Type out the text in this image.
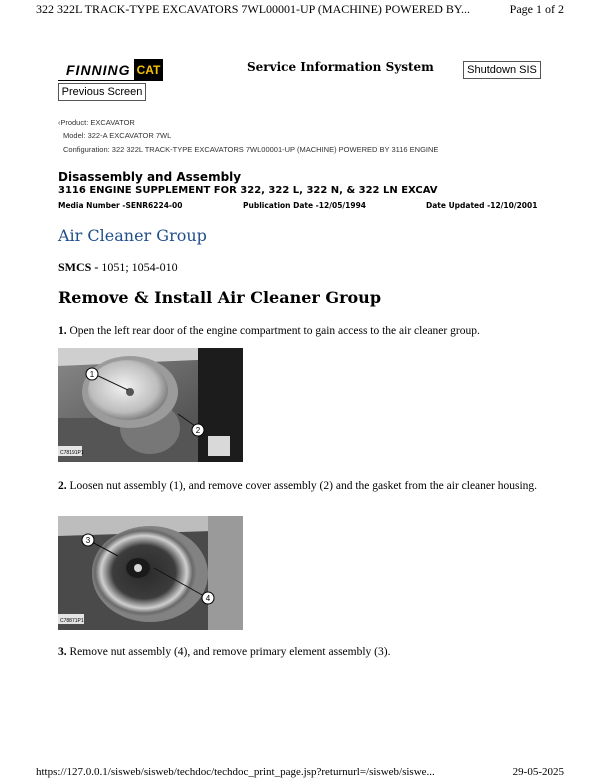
322 322L TRACK-TYPE EXCAVATORS 7WL00001-UP (MACHINE) POWERED BY...	Page 1 of 2
FINNING CAT
Previous Screen
Service Information System	Shutdown SIS
‹Product: EXCAVATOR
Model: 322-A EXCAVATOR 7WL
Configuration: 322 322L TRACK-TYPE EXCAVATORS 7WL00001-UP (MACHINE) POWERED BY 3116 ENGINE
Disassembly and Assembly
3116 ENGINE SUPPLEMENT FOR 322, 322 L, 322 N, & 322 LN EXCAV
Media Number -SENR6224-00	Publication Date -12/05/1994	Date Updated -12/10/2001
Air Cleaner Group
SMCS - 1051; 1054-010
Remove & Install Air Cleaner Group
1. Open the left rear door of the engine compartment to gain access to the air cleaner group.
1
2
C78191P1
2. Loosen nut assembly (1), and remove cover assembly (2) and the gasket from the air cleaner housing.
3
4
C78871P1
3. Remove nut assembly (4), and remove primary element assembly (3).
https://127.0.0.1/sisweb/sisweb/techdoc/techdoc_print_page.jsp?returnurl=/sisweb/siswe...	29-05-2025
